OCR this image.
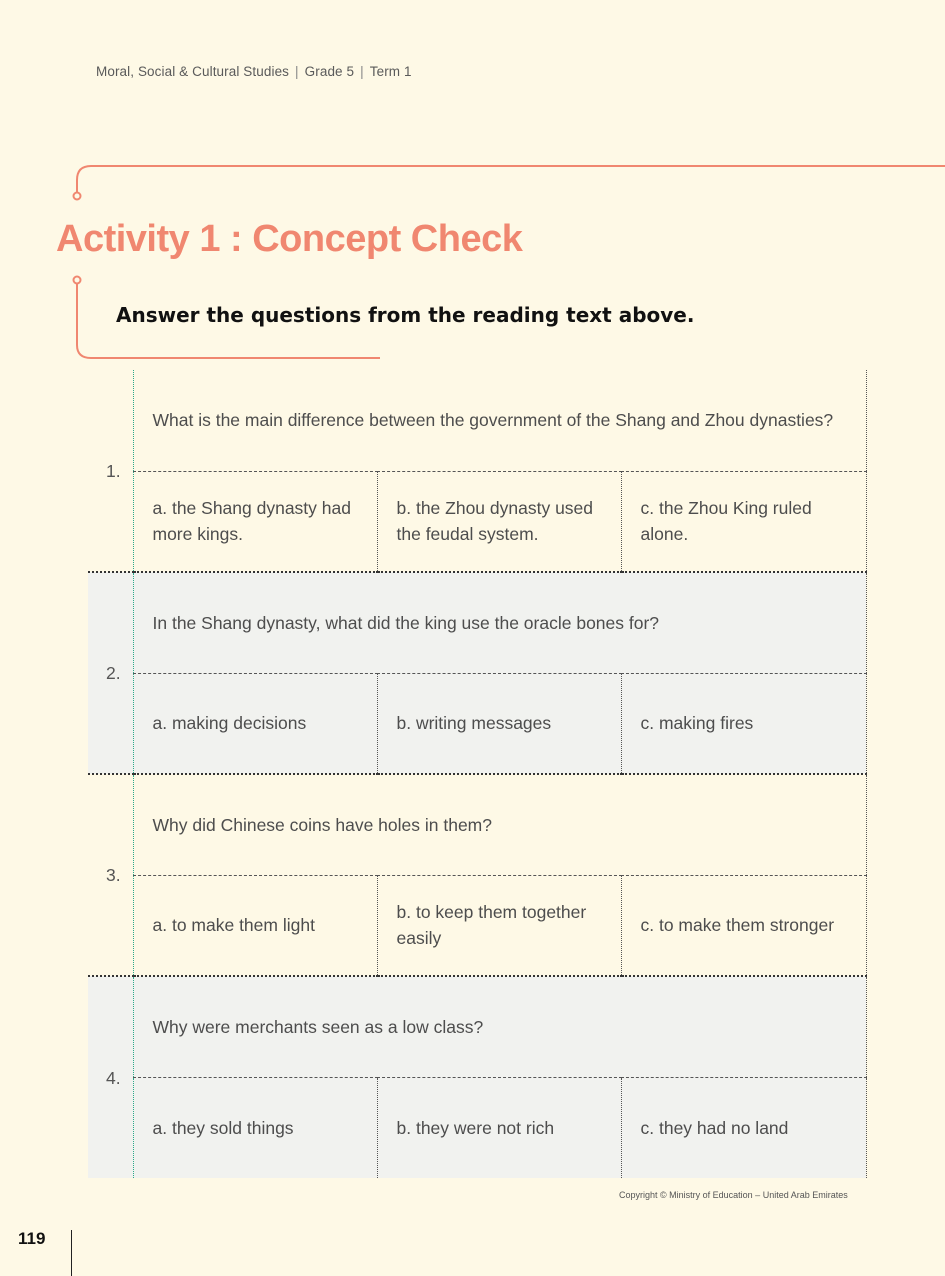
Moral, Social & Cultural Studies | Grade 5 | Term 1
Activity 1 : Concept Check

Answer the questions from the reading text above.

1.	What is the main difference between the government of the Shang and Zhou dynasties?		
	a. the Shang dynasty had more kings.	b. the Zhou dynasty used the feudal system.	c. the Zhou King ruled alone.
2.	In the Shang dynasty, what did the king use the oracle bones for?		
	a. making decisions	b. writing messages	c. making fires
3.	Why did Chinese coins have holes in them?		
	a. to make them light	b. to keep them together easily	c. to make them stronger
4.	Why were merchants seen as a low class?		
	a. they sold things	b. they were not rich	c. they had no land
Copyright © Ministry of Education – United Arab Emirates
119
